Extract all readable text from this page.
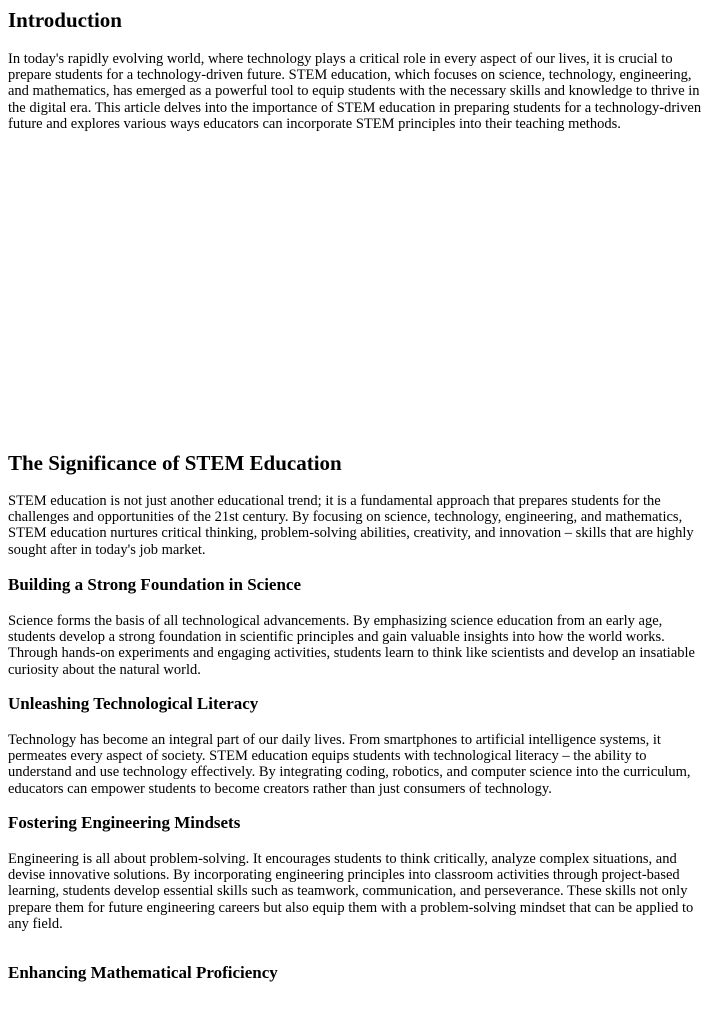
Introduction

In today's rapidly evolving world, where technology plays a critical role in every aspect of our lives, it is crucial to prepare students for a technology-driven future. STEM education, which focuses on science, technology, engineering, and mathematics, has emerged as a powerful tool to equip students with the necessary skills and knowledge to thrive in the digital era. This article delves into the importance of STEM education in preparing students for a technology-driven future and explores various ways educators can incorporate STEM principles into their teaching methods.

The Significance of STEM Education

STEM education is not just another educational trend; it is a fundamental approach that prepares students for the challenges and opportunities of the 21st century. By focusing on science, technology, engineering, and mathematics, STEM education nurtures critical thinking, problem-solving abilities, creativity, and innovation – skills that are highly sought after in today's job market.

Building a Strong Foundation in Science

Science forms the basis of all technological advancements. By emphasizing science education from an early age, students develop a strong foundation in scientific principles and gain valuable insights into how the world works. Through hands-on experiments and engaging activities, students learn to think like scientists and develop an insatiable curiosity about the natural world.

Unleashing Technological Literacy

Technology has become an integral part of our daily lives. From smartphones to artificial intelligence systems, it permeates every aspect of society. STEM education equips students with technological literacy – the ability to understand and use technology effectively. By integrating coding, robotics, and computer science into the curriculum, educators can empower students to become creators rather than just consumers of technology.

Fostering Engineering Mindsets

Engineering is all about problem-solving. It encourages students to think critically, analyze complex situations, and devise innovative solutions. By incorporating engineering principles into classroom activities through project-based learning, students develop essential skills such as teamwork, communication, and perseverance. These skills not only prepare them for future engineering careers but also equip them with a problem-solving mindset that can be applied to any field.

Enhancing Mathematical Proficiency
